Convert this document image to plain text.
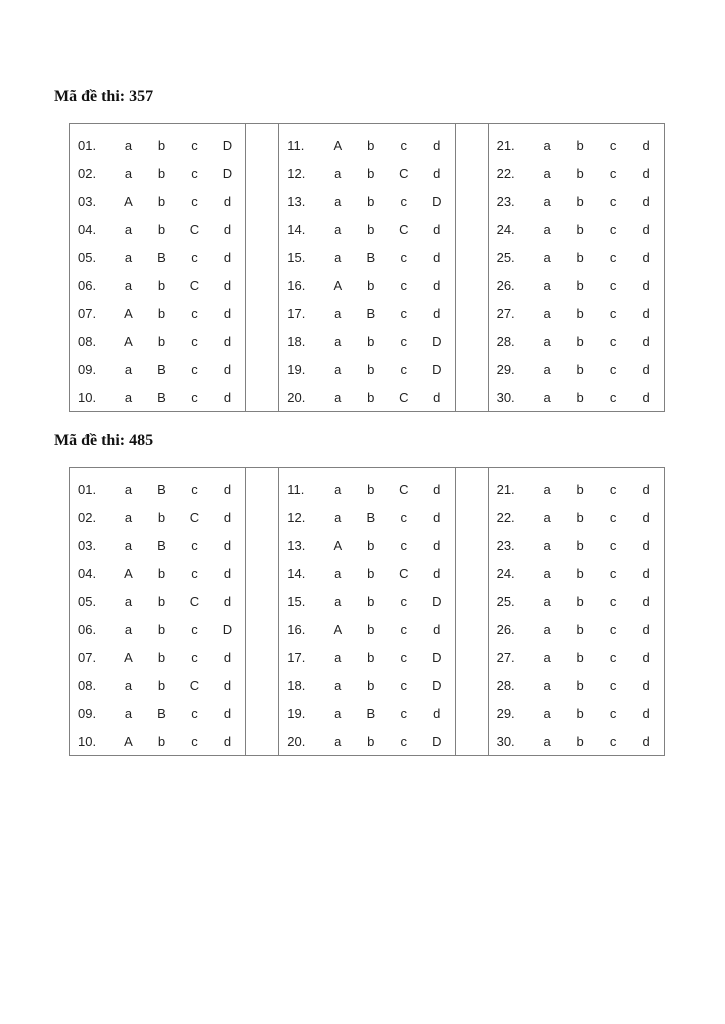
Mã đề thi: 357
01.	a	b	c	D
02.	a	b	c	D
03.	A	b	c	d
04.	a	b	C	d
05.	a	B	c	d
06.	a	b	C	d
07.	A	b	c	d
08.	A	b	c	d
09.	a	B	c	d
10.	a	B	c	d
11.	A	b	c	d
12.	a	b	C	d
13.	a	b	c	D
14.	a	b	C	d
15.	a	B	c	d
16.	A	b	c	d
17.	a	B	c	d
18.	a	b	c	D
19.	a	b	c	D
20.	a	b	C	d
21.	a	b	c	d
22.	a	b	c	d
23.	a	b	c	d
24.	a	b	c	d
25.	a	b	c	d
26.	a	b	c	d
27.	a	b	c	d
28.	a	b	c	d
29.	a	b	c	d
30.	a	b	c	d
Mã đề thi: 485
01.	a	B	c	d
02.	a	b	C	d
03.	a	B	c	d
04.	A	b	c	d
05.	a	b	C	d
06.	a	b	c	D
07.	A	b	c	d
08.	a	b	C	d
09.	a	B	c	d
10.	A	b	c	d
11.	a	b	C	d
12.	a	B	c	d
13.	A	b	c	d
14.	a	b	C	d
15.	a	b	c	D
16.	A	b	c	d
17.	a	b	c	D
18.	a	b	c	D
19.	a	B	c	d
20.	a	b	c	D
21.	a	b	c	d
22.	a	b	c	d
23.	a	b	c	d
24.	a	b	c	d
25.	a	b	c	d
26.	a	b	c	d
27.	a	b	c	d
28.	a	b	c	d
29.	a	b	c	d
30.	a	b	c	d
